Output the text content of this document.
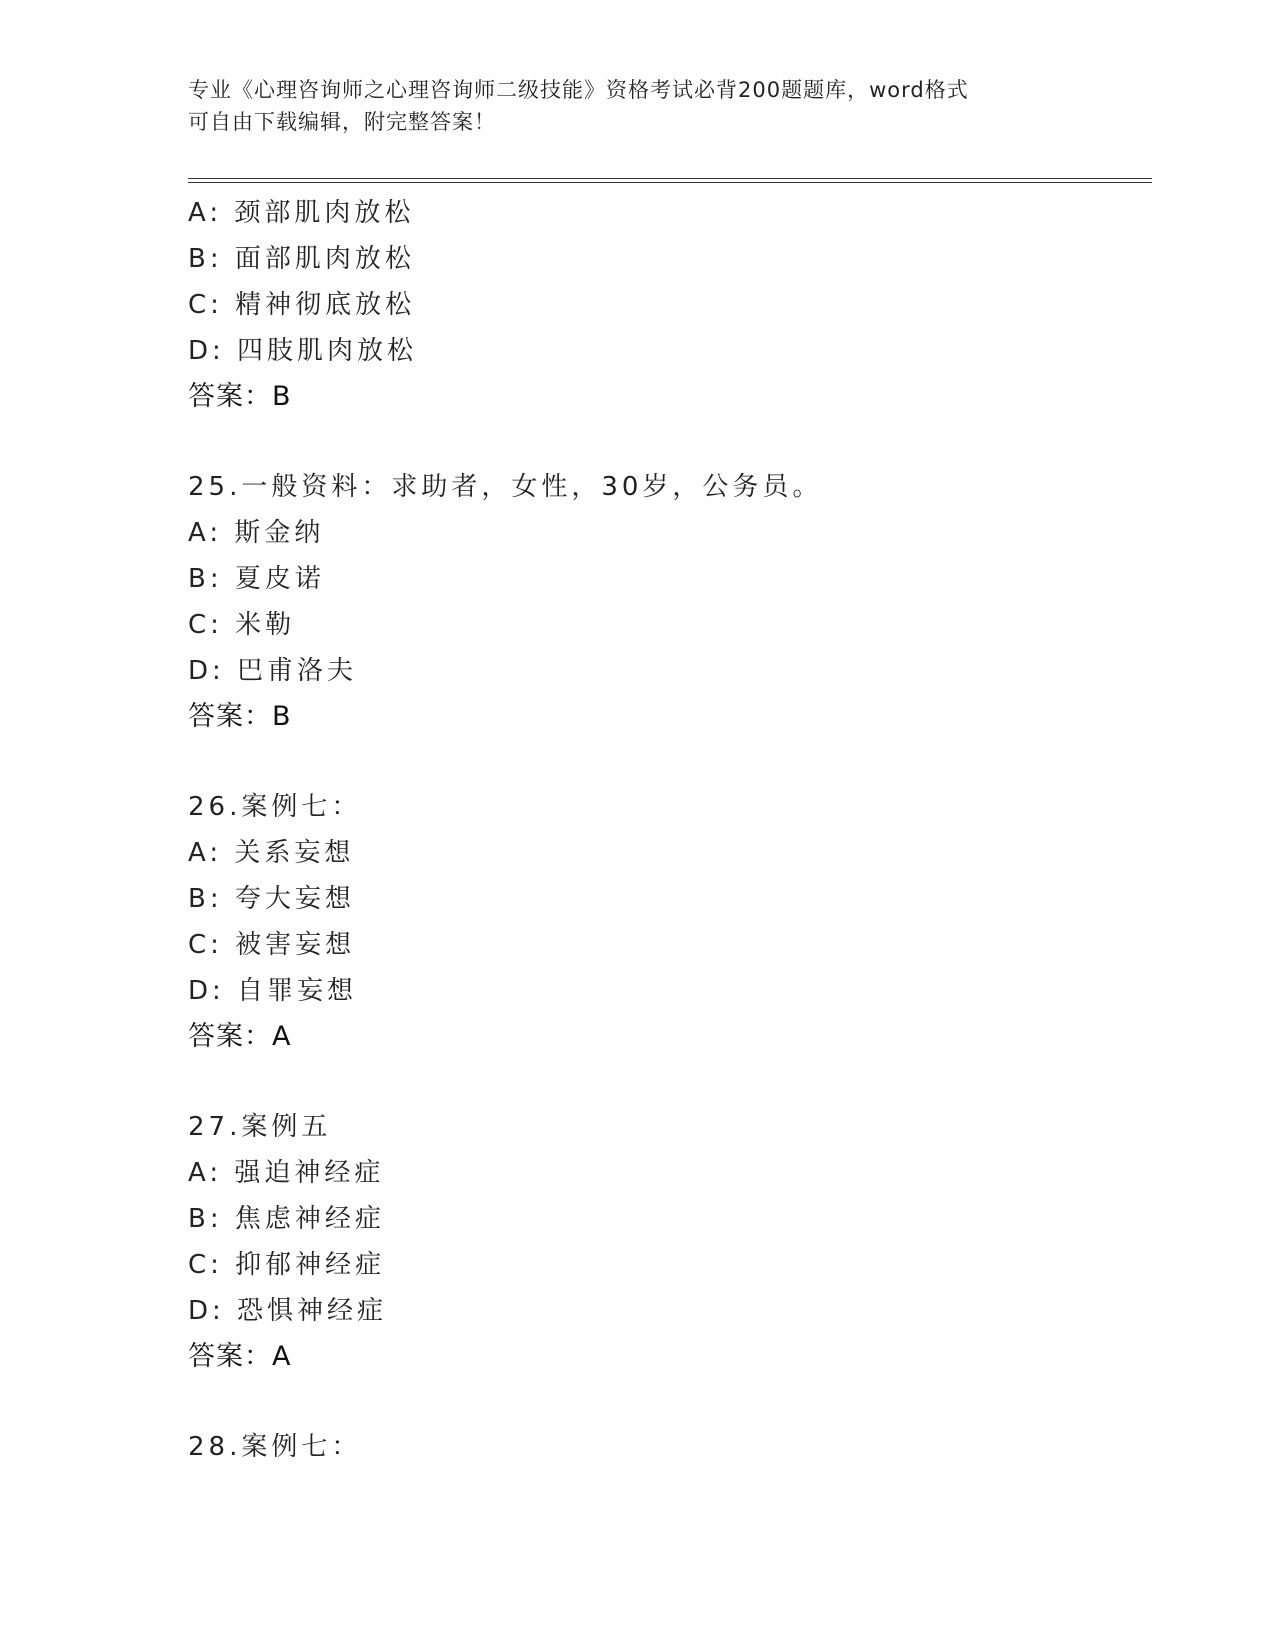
专业《心理咨询师之心理咨询师二级技能》资格考试必背200题题库，word格式
可自由下载编辑，附完整答案！
A: 颈部肌肉放松
B: 面部肌肉放松
C: 精神彻底放松
D: 四肢肌肉放松
答案：B
25.一般资料：求助者，女性，30岁，公务员。
A: 斯金纳
B: 夏皮诺
C: 米勒
D: 巴甫洛夫
答案：B
26.案例七：
A: 关系妄想
B: 夸大妄想
C: 被害妄想
D: 自罪妄想
答案：A
27.案例五
A: 强迫神经症
B: 焦虑神经症
C: 抑郁神经症
D: 恐惧神经症
答案：A
28.案例七：
